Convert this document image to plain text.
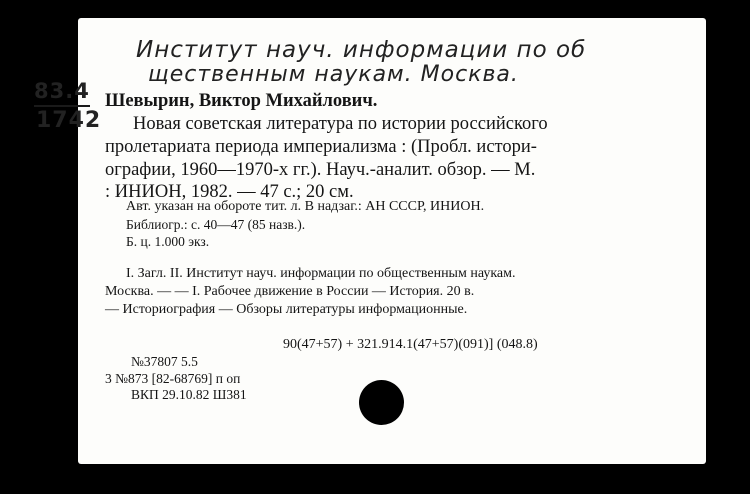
Институт науч. информации по об
щественным наукам. Москва.
83.4
1742
Шевырин, Виктор Михайлович.
Новая советская литература по истории российского
пролетариата периода империализма : (Пробл. истори-
ографии, 1960—1970-х гг.). Науч.-аналит. обзор. — М.
: ИНИОН, 1982. — 47 с.; 20 см.
Авт. указан на обороте тит. л. В надзаг.: АН СССР, ИНИОН.
Библиогр.: с. 40—47 (85 назв.).
Б. ц. 1.000 экз.
I. Загл. II. Институт науч. информации по общественным наукам.
Москва. — — I. Рабочее движение в России — История. 20 в.
— Историография — Обзоры литературы информационные.
90(47+57) + 321.914.1(47+57)(091)] (048.8)
№37807 5.5
3 №873 [82-68769] п оп
ВКП 29.10.82 Ш381
